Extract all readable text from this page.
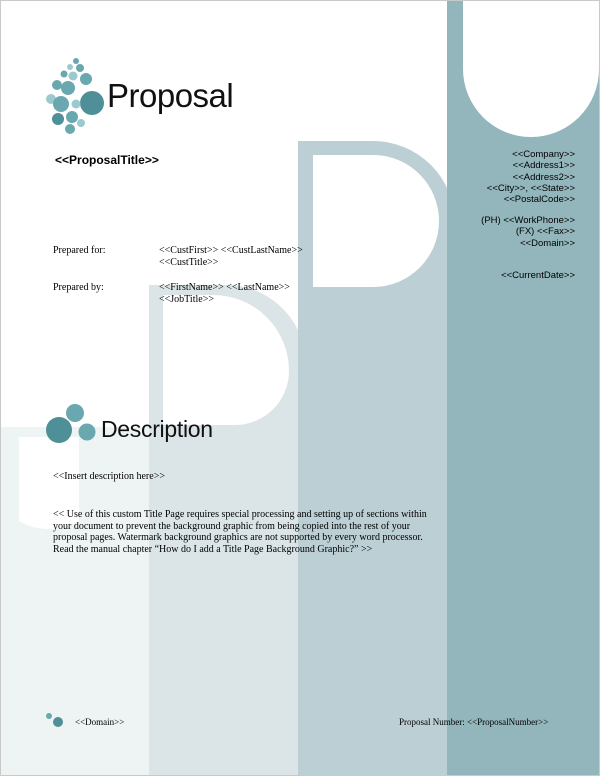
Proposal
<<ProposalTitle>>	<<Company>>
<<Address1>>
<<Address2>>
<<City>>, <<State>>
<<PostalCode>>
(PH) <<WorkPhone>>
(FX) <<Fax>>
<<Domain>>
<<CurrentDate>>
Prepared for:	<<CustFirst>> <<CustLastName>>
<<CustTitle>>
Prepared by:	<<FirstName>> <<LastName>>
<<JobTitle>>
Description
<<Insert description here>>
<< Use of this custom Title Page requires special processing and setting up of sections within your document to prevent the background graphic from being copied into the rest of your proposal pages. Watermark background graphics are not supported by every word processor. Read the manual chapter “How do I add a Title Page Background Graphic?” >>
<<Domain>>	Proposal Number: <<ProposalNumber>>
